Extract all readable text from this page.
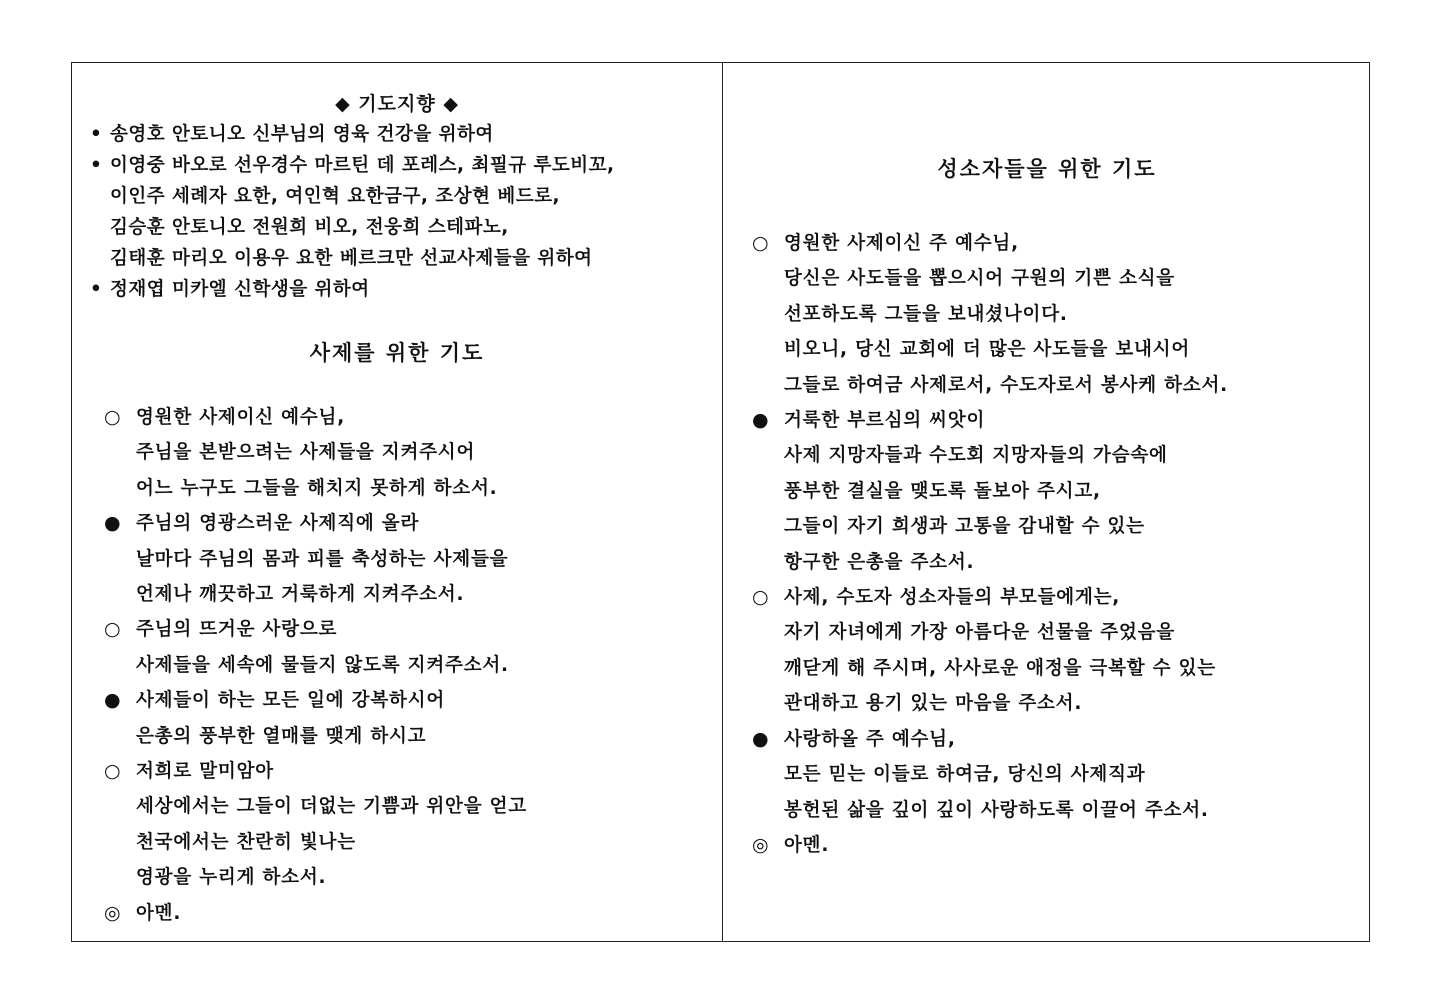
◆ 기도지향 ◆
• 송영호 안토니오 신부님의 영육 건강을 위하여
• 이영중 바오로 선우경수 마르틴 데 포레스, 최필규 루도비꼬,
이인주 세례자 요한, 여인혁 요한금구, 조상현 베드로,
김승훈 안토니오 전원희 비오, 전웅희 스테파노,
김태훈 마리오 이용우 요한 베르크만 선교사제들을 위하여
• 정재엽 미카엘 신학생을 위하여
사제를 위한 기도
○ 영원한 사제이신 예수님,
주님을 본받으려는 사제들을 지켜주시어
어느 누구도 그들을 해치지 못하게 하소서.
● 주님의 영광스러운 사제직에 올라
날마다 주님의 몸과 피를 축성하는 사제들을
언제나 깨끗하고 거룩하게 지켜주소서.
○ 주님의 뜨거운 사랑으로
사제들을 세속에 물들지 않도록 지켜주소서.
● 사제들이 하는 모든 일에 강복하시어
은총의 풍부한 열매를 맺게 하시고
○ 저희로 말미암아
세상에서는 그들이 더없는 기쁨과 위안을 얻고
천국에서는 찬란히 빛나는
영광을 누리게 하소서.
◎ 아멘.
성소자들을 위한 기도
○ 영원한 사제이신 주 예수님,
당신은 사도들을 뽑으시어 구원의 기쁜 소식을
선포하도록 그들을 보내셨나이다.
비오니, 당신 교회에 더 많은 사도들을 보내시어
그들로 하여금 사제로서, 수도자로서 봉사케 하소서.
● 거룩한 부르심의 씨앗이
사제 지망자들과 수도회 지망자들의 가슴속에
풍부한 결실을 맺도록 돌보아 주시고,
그들이 자기 희생과 고통을 감내할 수 있는
항구한 은총을 주소서.
○ 사제, 수도자 성소자들의 부모들에게는,
자기 자녀에게 가장 아름다운 선물을 주었음을
깨닫게 해 주시며, 사사로운 애정을 극복할 수 있는
관대하고 용기 있는 마음을 주소서.
● 사랑하올 주 예수님,
모든 믿는 이들로 하여금, 당신의 사제직과
봉헌된 삶을 깊이 깊이 사랑하도록 이끌어 주소서.
◎ 아멘.
